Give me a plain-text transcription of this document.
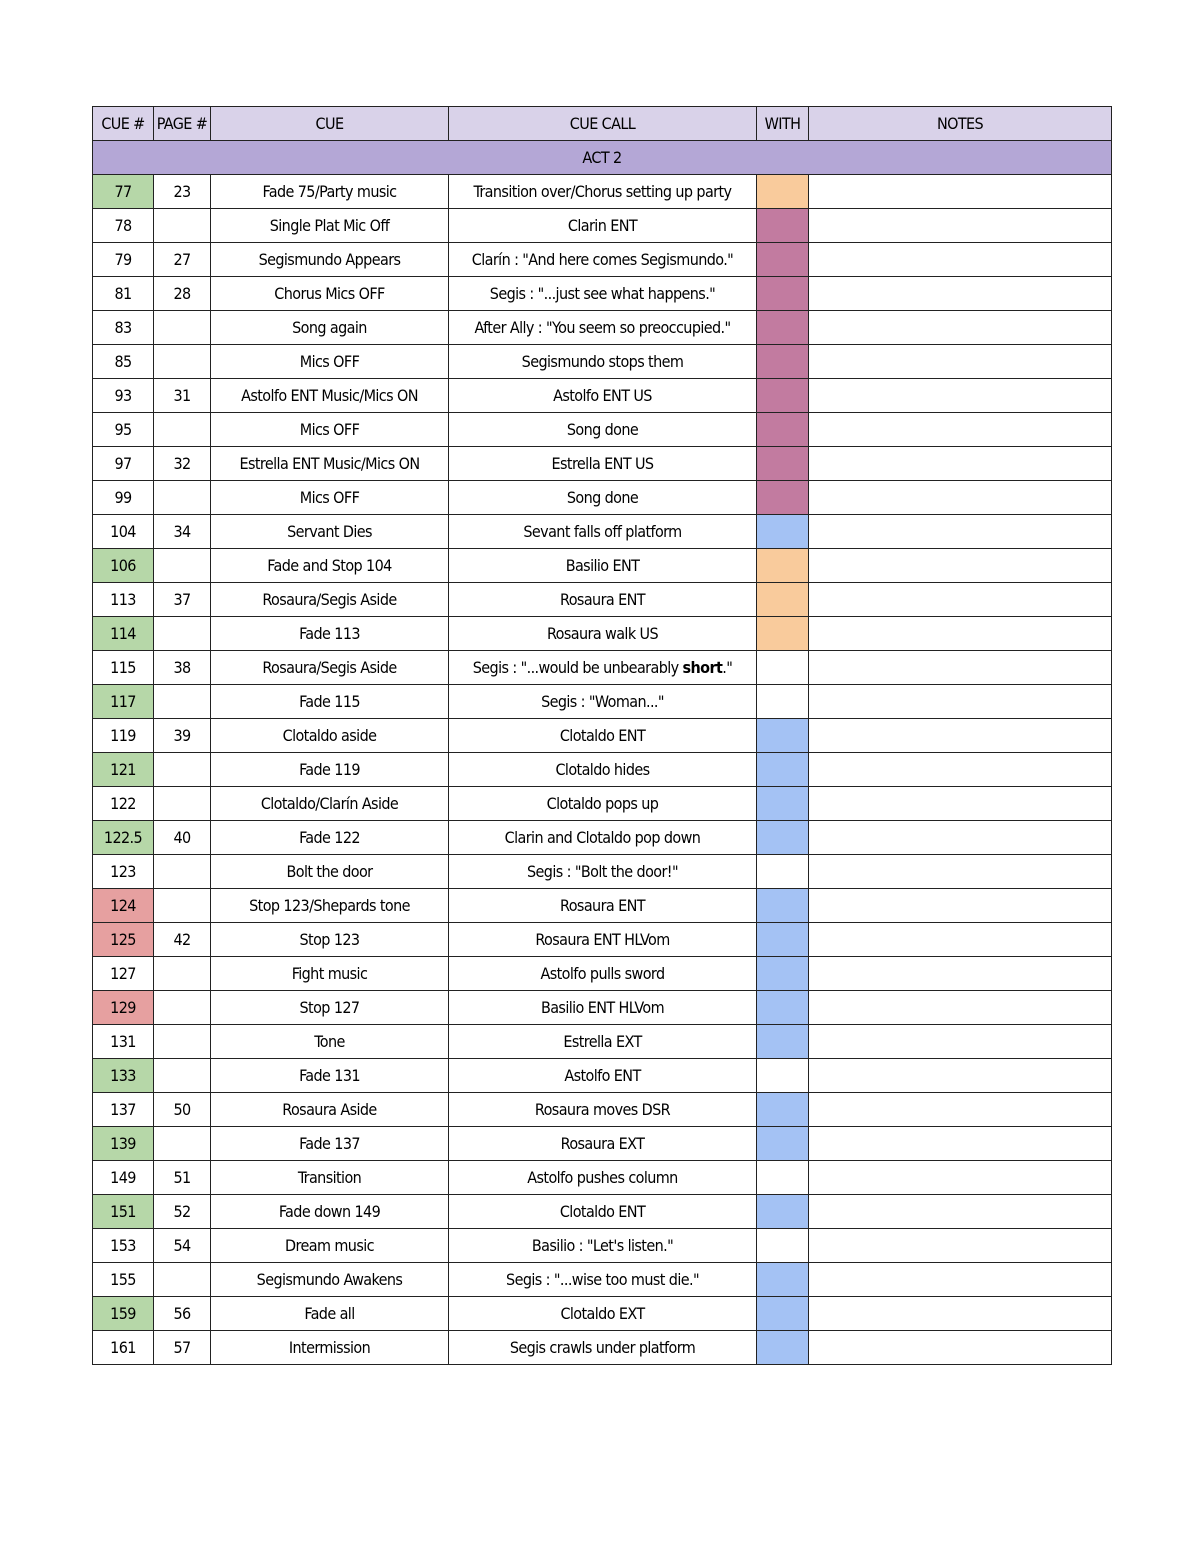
CUE #	PAGE #	CUE	CUE CALL	WITH	NOTES
ACT 2					
77	23	Fade 75/Party music	Transition over/Chorus setting up party		
78		Single Plat Mic Off	Clarin ENT		
79	27	Segismundo Appears	Clarín : "And here comes Segismundo."		
81	28	Chorus Mics OFF	Segis : "...just see what happens."		
83		Song again	After Ally : "You seem so preoccupied."		
85		Mics OFF	Segismundo stops them		
93	31	Astolfo ENT Music/Mics ON	Astolfo ENT US		
95		Mics OFF	Song done		
97	32	Estrella ENT Music/Mics ON	Estrella ENT US		
99		Mics OFF	Song done		
104	34	Servant Dies	Sevant falls off platform		
106		Fade and Stop 104	Basilio ENT		
113	37	Rosaura/Segis Aside	Rosaura ENT		
114		Fade 113	Rosaura walk US		
115	38	Rosaura/Segis Aside	Segis : "...would be unbearably short."		
117		Fade 115	Segis : "Woman..."		
119	39	Clotaldo aside	Clotaldo ENT		
121		Fade 119	Clotaldo hides		
122		Clotaldo/Clarín Aside	Clotaldo pops up		
122.5	40	Fade 122	Clarin and Clotaldo pop down		
123		Bolt the door	Segis : "Bolt the door!"		
124		Stop 123/Shepards tone	Rosaura ENT		
125	42	Stop 123	Rosaura ENT HLVom		
127		Fight music	Astolfo pulls sword		
129		Stop 127	Basilio ENT HLVom		
131		Tone	Estrella EXT		
133		Fade 131	Astolfo ENT		
137	50	Rosaura Aside	Rosaura moves DSR		
139		Fade 137	Rosaura EXT		
149	51	Transition	Astolfo pushes column		
151	52	Fade down 149	Clotaldo ENT		
153	54	Dream music	Basilio : "Let's listen."		
155		Segismundo Awakens	Segis : "...wise too must die."		
159	56	Fade all	Clotaldo EXT		
161	57	Intermission	Segis crawls under platform		
